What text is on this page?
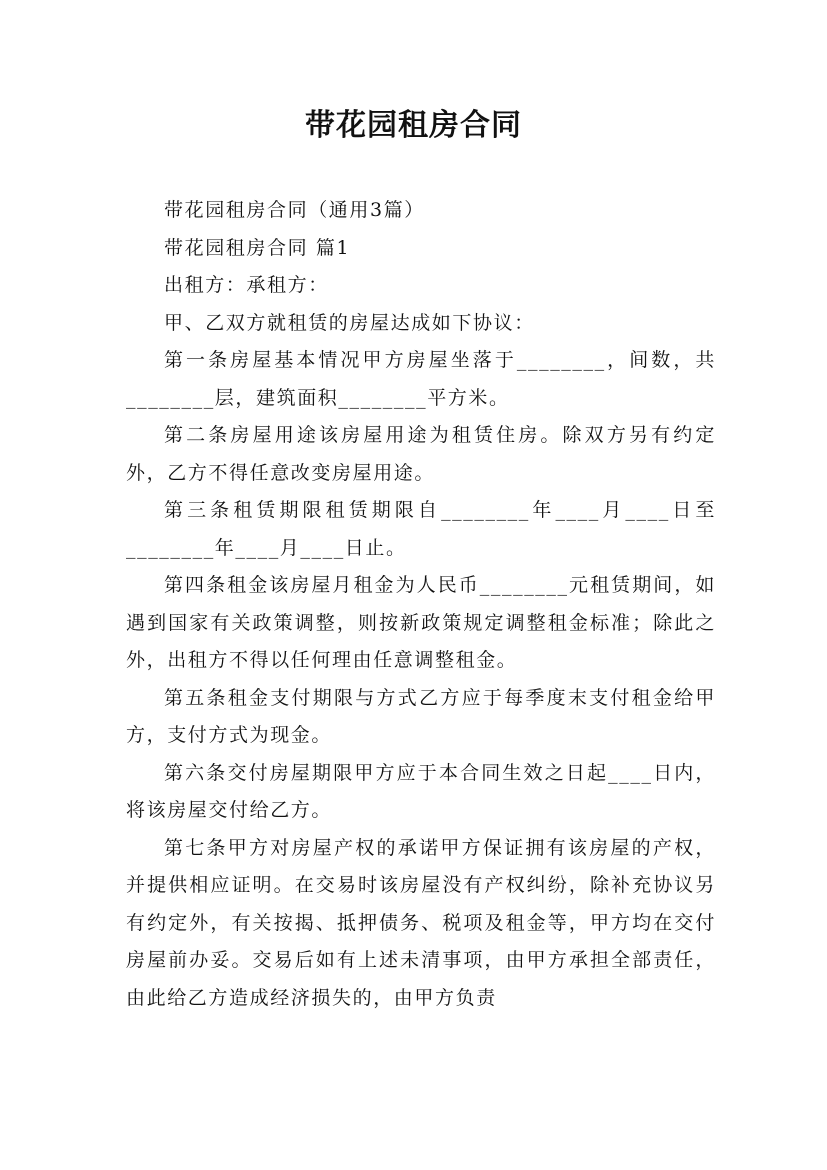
带花园租房合同

带花园租房合同（通用3篇）

带花园租房合同 篇1

出租方：承租方：

甲、乙双方就租赁的房屋达成如下协议：

第一条房屋基本情况甲方房屋坐落于________，间数，共________层，建筑面积________平方米。

第二条房屋用途该房屋用途为租赁住房。除双方另有约定外，乙方不得任意改变房屋用途。

第三条租赁期限租赁期限自________年____月____日至________年____月____日止。

第四条租金该房屋月租金为人民币________元租赁期间，如遇到国家有关政策调整，则按新政策规定调整租金标准；除此之外，出租方不得以任何理由任意调整租金。

第五条租金支付期限与方式乙方应于每季度末支付租金给甲方，支付方式为现金。

第六条交付房屋期限甲方应于本合同生效之日起____日内，将该房屋交付给乙方。

第七条甲方对房屋产权的承诺甲方保证拥有该房屋的产权，并提供相应证明。在交易时该房屋没有产权纠纷，除补充协议另有约定外，有关按揭、抵押债务、税项及租金等，甲方均在交付房屋前办妥。交易后如有上述未清事项，由甲方承担全部责任，由此给乙方造成经济损失的，由甲方负责
